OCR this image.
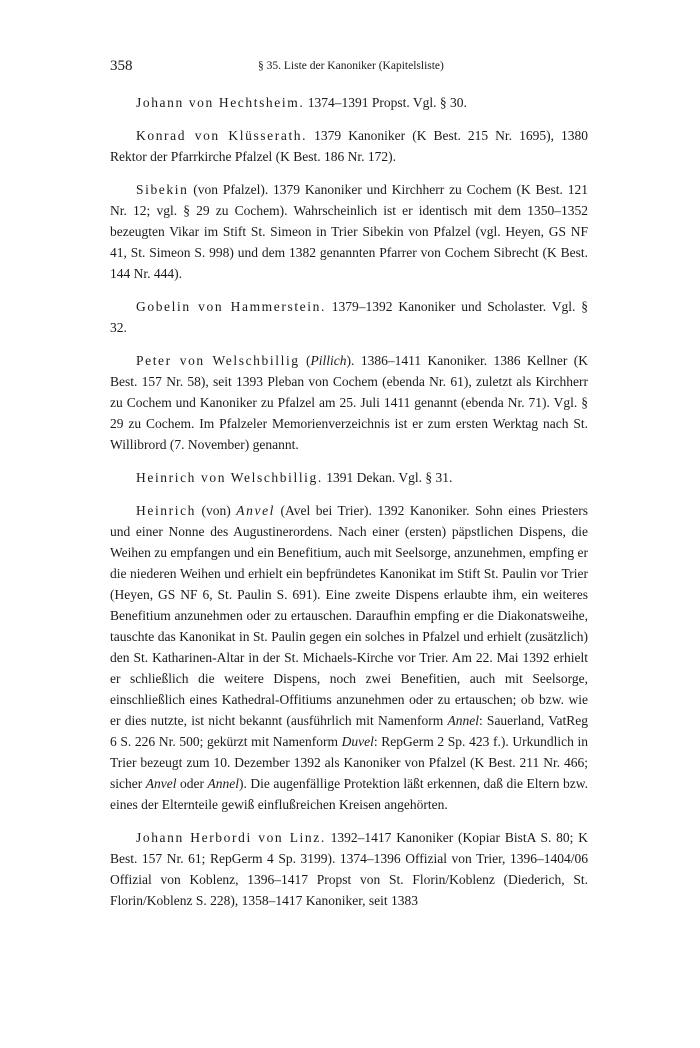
358	§ 35. Liste der Kanoniker (Kapitelsliste)

Johann von Hechtsheim. 1374–1391 Propst. Vgl. § 30.

Konrad von Klüsserath. 1379 Kanoniker (K Best. 215 Nr. 1695), 1380 Rektor der Pfarrkirche Pfalzel (K Best. 186 Nr. 172).

Sibekin (von Pfalzel). 1379 Kanoniker und Kirchherr zu Cochem (K Best. 121 Nr. 12; vgl. § 29 zu Cochem). Wahrscheinlich ist er identisch mit dem 1350–1352 bezeugten Vikar im Stift St. Simeon in Trier Sibekin von Pfalzel (vgl. Heyen, GS NF 41, St. Simeon S. 998) und dem 1382 genannten Pfarrer von Cochem Sibrecht (K Best. 144 Nr. 444).

Gobelin von Hammerstein. 1379–1392 Kanoniker und Scholaster. Vgl. § 32.

Peter von Welschbillig (Pillich). 1386–1411 Kanoniker. 1386 Kellner (K Best. 157 Nr. 58), seit 1393 Pleban von Cochem (ebenda Nr. 61), zuletzt als Kirchherr zu Cochem und Kanoniker zu Pfalzel am 25. Juli 1411 genannt (ebenda Nr. 71). Vgl. § 29 zu Cochem. Im Pfalzeler Memorienverzeichnis ist er zum ersten Werktag nach St. Willibrord (7. November) genannt.

Heinrich von Welschbillig. 1391 Dekan. Vgl. § 31.

Heinrich (von) Anvel (Avel bei Trier). 1392 Kanoniker. Sohn eines Priesters und einer Nonne des Augustinerordens. Nach einer (ersten) päpstlichen Dispens, die Weihen zu empfangen und ein Benefitium, auch mit Seelsorge, anzunehmen, empfing er die niederen Weihen und erhielt ein bepfründetes Kanonikat im Stift St. Paulin vor Trier (Heyen, GS NF 6, St. Paulin S. 691). Eine zweite Dispens erlaubte ihm, ein weiteres Benefitium anzunehmen oder zu ertauschen. Daraufhin empfing er die Diakonatsweihe, tauschte das Kanonikat in St. Paulin gegen ein solches in Pfalzel und erhielt (zusätzlich) den St. Katharinen-Altar in der St. Michaels-Kirche vor Trier. Am 22. Mai 1392 erhielt er schließlich die weitere Dispens, noch zwei Benefitien, auch mit Seelsorge, einschließlich eines Kathedral-Offitiums anzunehmen oder zu ertauschen; ob bzw. wie er dies nutzte, ist nicht bekannt (ausführlich mit Namenform Annel: Sauerland, VatReg 6 S. 226 Nr. 500; gekürzt mit Namenform Duvel: RepGerm 2 Sp. 423 f.). Urkundlich in Trier bezeugt zum 10. Dezember 1392 als Kanoniker von Pfalzel (K Best. 211 Nr. 466; sicher Anvel oder Annel). Die augenfällige Protektion läßt erkennen, daß die Eltern bzw. eines der Elternteile gewiß einflußreichen Kreisen angehörten.

Johann Herbordi von Linz. 1392–1417 Kanoniker (Kopiar BistA S. 80; K Best. 157 Nr. 61; RepGerm 4 Sp. 3199). 1374–1396 Offizial von Trier, 1396–1404/06 Offizial von Koblenz, 1396–1417 Propst von St. Florin/Koblenz (Diederich, St. Florin/Koblenz S. 228), 1358–1417 Kanoniker, seit 1383
